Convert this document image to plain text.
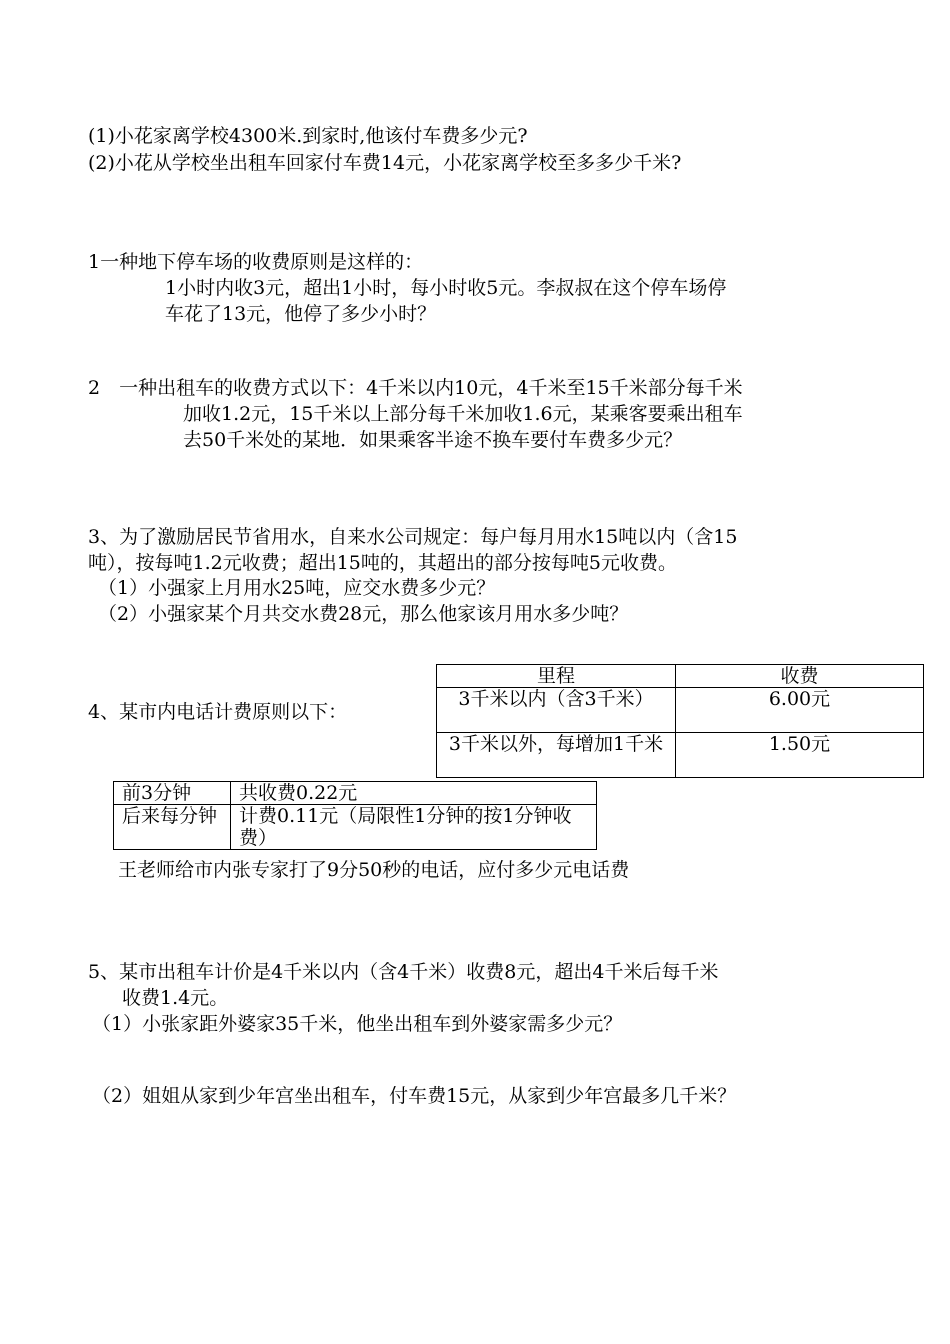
(1)小花家离学校4300米.到家时,他该付车费多少元?
(2)小花从学校坐出租车回家付车费14元，小花家离学校至多多少千米?
1一种地下停车场的收费原则是这样的：
1小时内收3元，超出1小时，每小时收5元。李叔叔在这个停车场停
车花了13元，他停了多少小时？
2　一种出租车的收费方式以下：4千米以内10元，4千米至15千米部分每千米
加收1.2元，15千米以上部分每千米加收1.6元，某乘客要乘出租车
去50千米处的某地．如果乘客半途不换车要付车费多少元？
3、为了激励居民节省用水，自来水公司规定：每户每月用水15吨以内（含15
吨），按每吨1.2元收费；超出15吨的，其超出的部分按每吨5元收费。
（1）小强家上月用水25吨，应交水费多少元？
（2）小强家某个月共交水费28元，那么他家该月用水多少吨？
4、某市内电话计费原则以下：
里程	收费
3千米以内（含3千米）	6.00元
3千米以外，每增加1千米	1.50元
前3分钟	共收费0.22元
后来每分钟	计费0.11元（局限性1分钟的按1分钟收费）
王老师给市内张专家打了9分50秒的电话，应付多少元电话费
5、某市出租车计价是4千米以内（含4千米）收费8元，超出4千米后每千米
收费1.4元。
（1）小张家距外婆家35千米，他坐出租车到外婆家需多少元？
（2）姐姐从家到少年宫坐出租车，付车费15元，从家到少年宫最多几千米？
